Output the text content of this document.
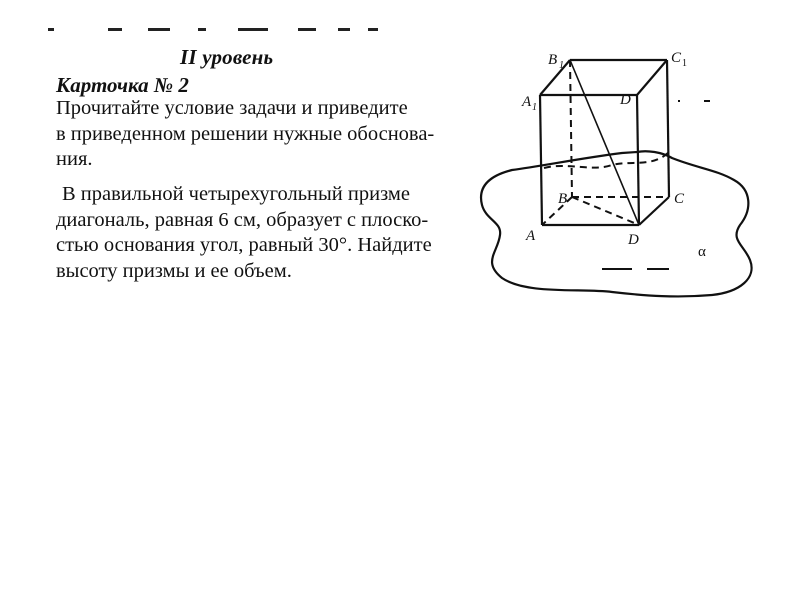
II уровень
Карточка № 2
Прочитайте условие задачи и приведите
в приведенном решении нужные обоснова-
ния.
В правильной четырехугольный призме
диагональ, равная 6 см, образует с плоско-
стью основания угол, равный 30°. Найдите
высоту призмы и ее объем.
B 1	C 1
A 1	D
B	C
A	D
α
